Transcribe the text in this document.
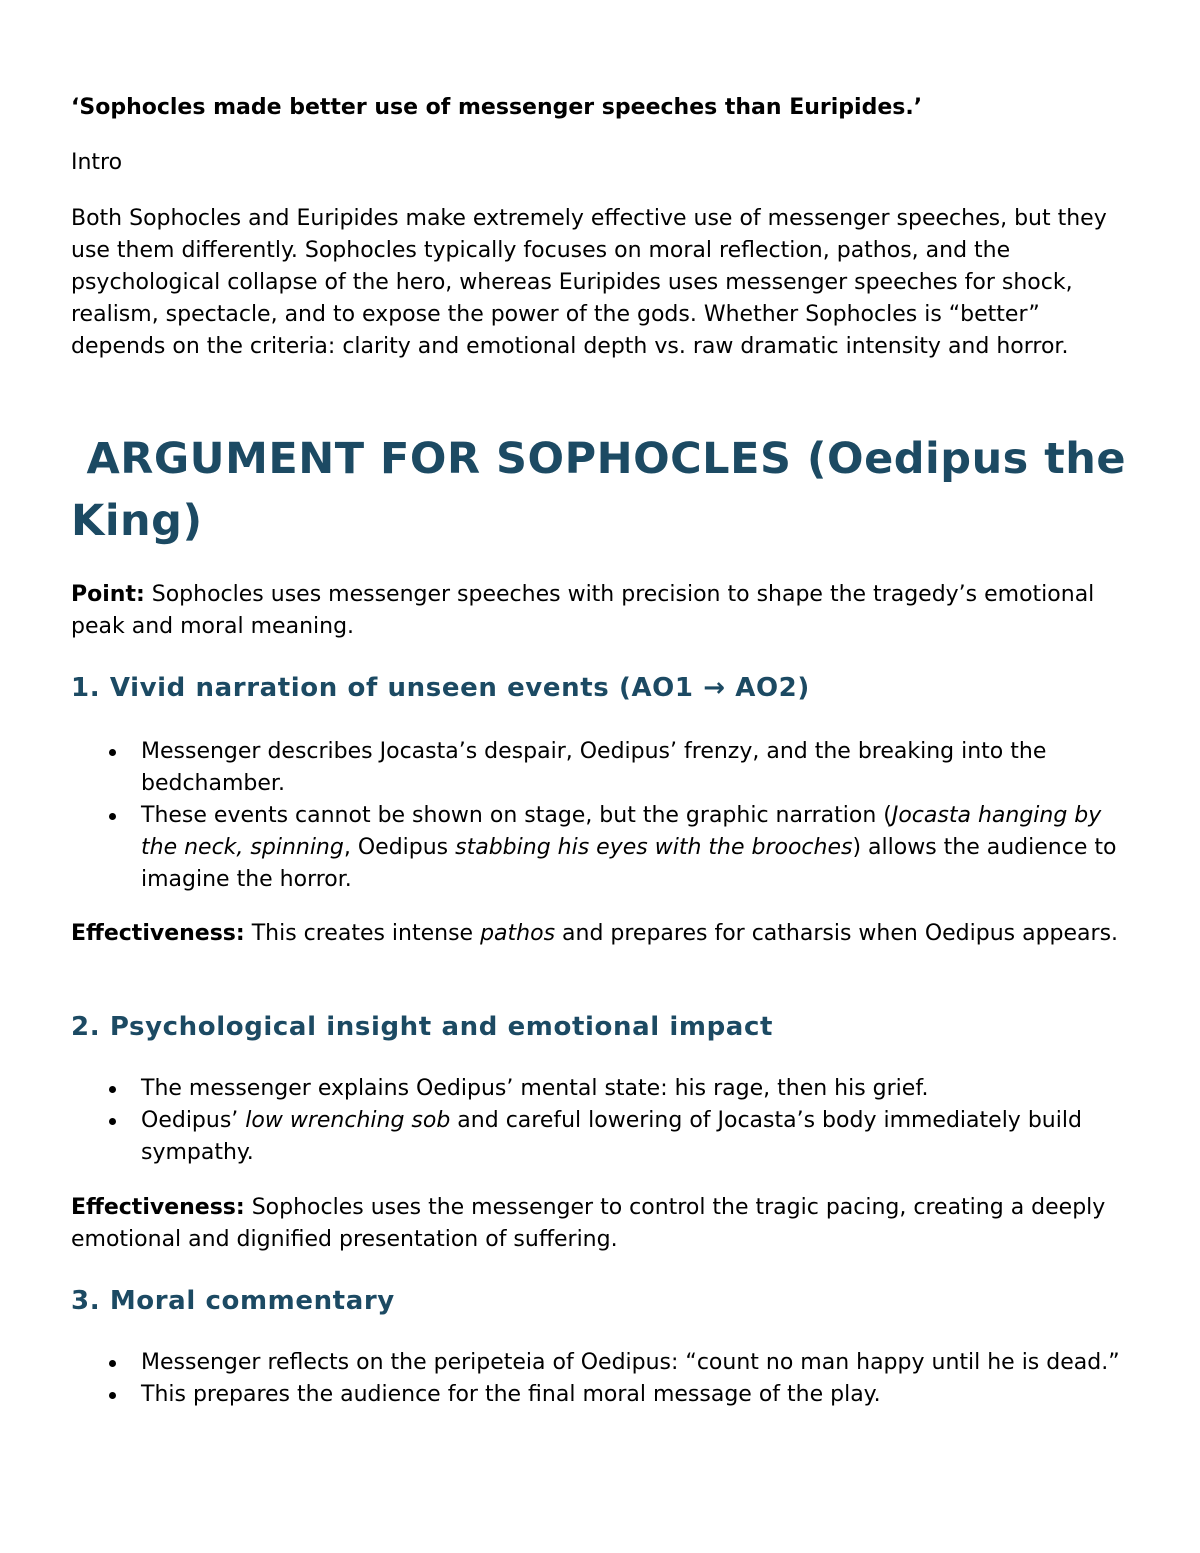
‘Sophocles made better use of messenger speeches than Euripides.’

Intro

Both Sophocles and Euripides make extremely effective use of messenger speeches, but they use them differently. Sophocles typically focuses on moral reflection, pathos, and the psychological collapse of the hero, whereas Euripides uses messenger speeches for shock, realism, spectacle, and to expose the power of the gods. Whether Sophocles is “better” depends on the criteria: clarity and emotional depth vs. raw dramatic intensity and horror.

ARGUMENT FOR SOPHOCLES (Oedipus the King)

Point: Sophocles uses messenger speeches with precision to shape the tragedy’s emotional peak and moral meaning.

1. Vivid narration of unseen events (AO1 → AO2)
Messenger describes Jocasta’s despair, Oedipus’ frenzy, and the breaking into the bedchamber.
These events cannot be shown on stage, but the graphic narration (Jocasta hanging by the neck, spinning, Oedipus stabbing his eyes with the brooches) allows the audience to imagine the horror.

Effectiveness: This creates intense pathos and prepares for catharsis when Oedipus appears.

2. Psychological insight and emotional impact
The messenger explains Oedipus’ mental state: his rage, then his grief.
Oedipus’ low wrenching sob and careful lowering of Jocasta’s body immediately build sympathy.

Effectiveness: Sophocles uses the messenger to control the tragic pacing, creating a deeply emotional and dignified presentation of suffering.

3. Moral commentary
Messenger reflects on the peripeteia of Oedipus: “count no man happy until he is dead.”
This prepares the audience for the final moral message of the play.
